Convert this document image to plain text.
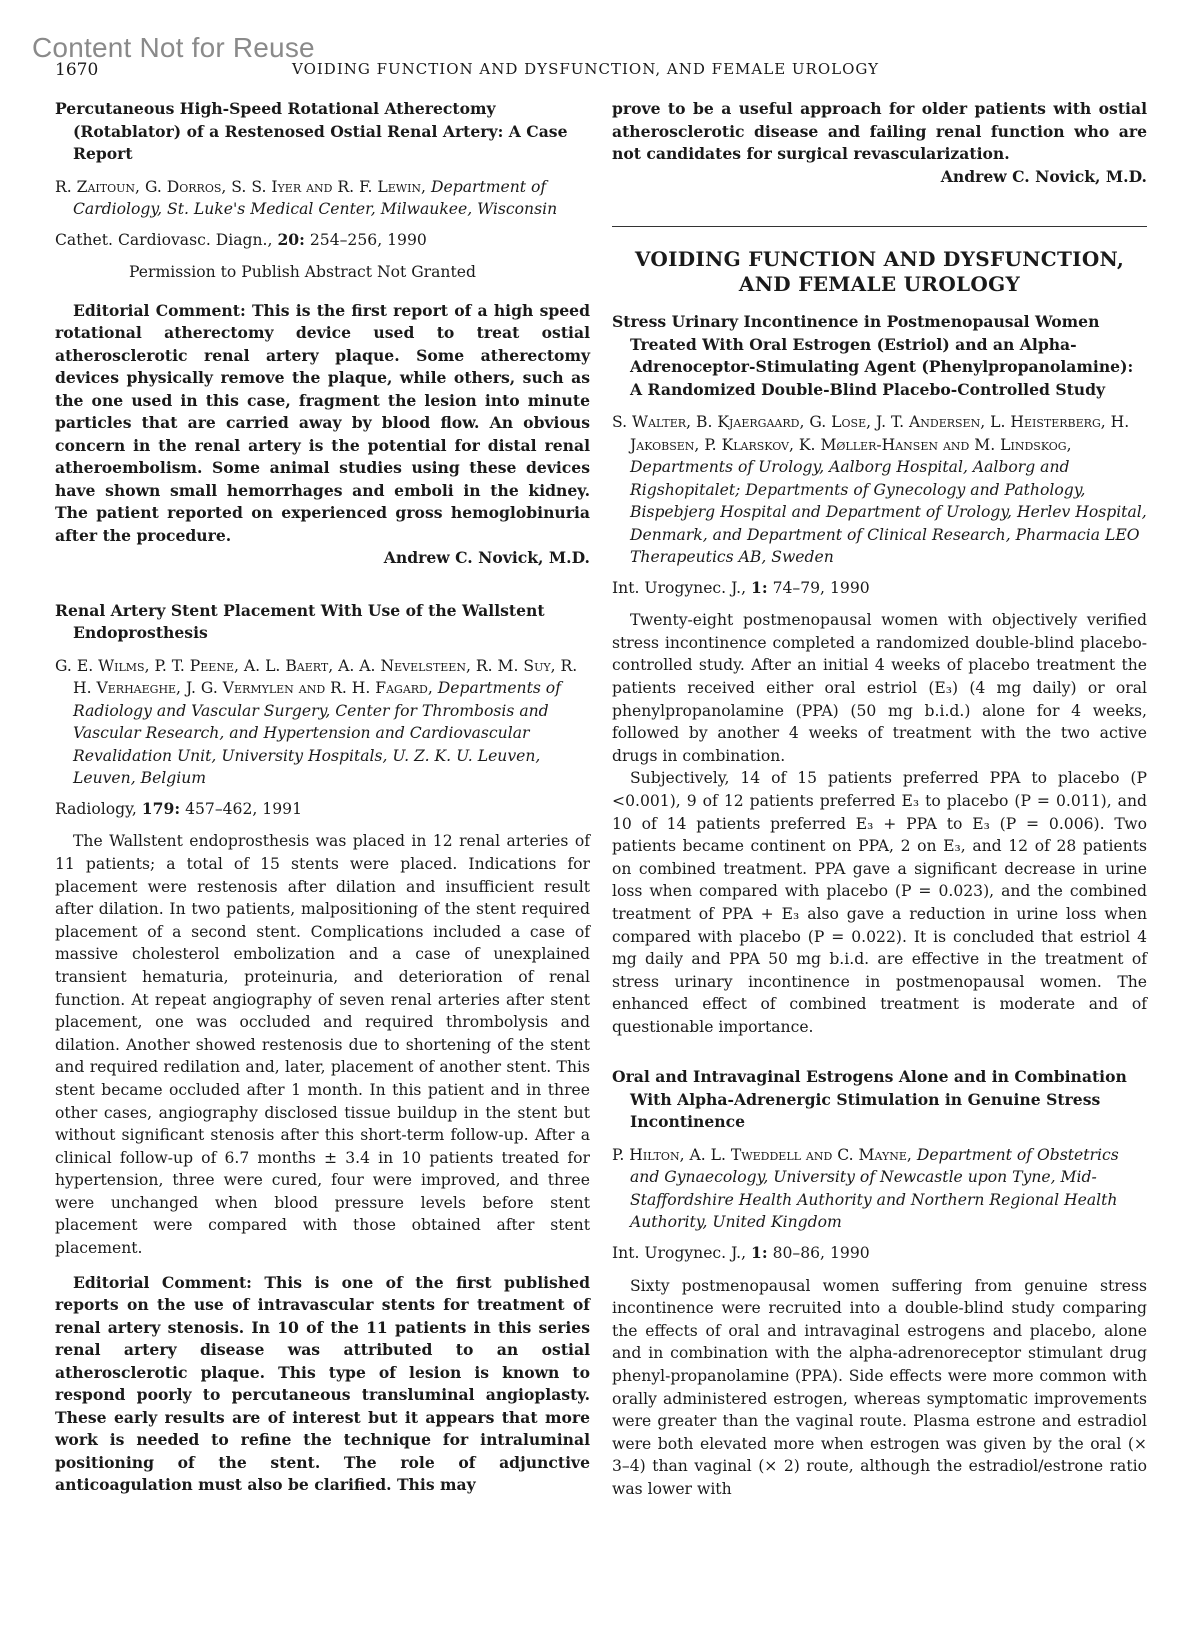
Content Not for Reuse
1670	VOIDING FUNCTION AND DYSFUNCTION, AND FEMALE UROLOGY

Percutaneous High-Speed Rotational Atherectomy (Rotablator) of a Restenosed Ostial Renal Artery: A Case Report

R. Zaitoun, G. Dorros, S. S. Iyer and R. F. Lewin, Department of Cardiology, St. Luke's Medical Center, Milwaukee, Wisconsin

Cathet. Cardiovasc. Diagn., 20: 254–256, 1990

Permission to Publish Abstract Not Granted

Editorial Comment: This is the first report of a high speed rotational atherectomy device used to treat ostial atherosclerotic renal artery plaque. Some atherectomy devices physically remove the plaque, while others, such as the one used in this case, fragment the lesion into minute particles that are carried away by blood flow. An obvious concern in the renal artery is the potential for distal renal atheroembolism. Some animal studies using these devices have shown small hemorrhages and emboli in the kidney. The patient reported on experienced gross hemoglobinuria after the procedure.

Andrew C. Novick, M.D.

Renal Artery Stent Placement With Use of the Wallstent Endoprosthesis

G. E. Wilms, P. T. Peene, A. L. Baert, A. A. Nevelsteen, R. M. Suy, R. H. Verhaeghe, J. G. Vermylen and R. H. Fagard, Departments of Radiology and Vascular Surgery, Center for Thrombosis and Vascular Research, and Hypertension and Cardiovascular Revalidation Unit, University Hospitals, U. Z. K. U. Leuven, Leuven, Belgium

Radiology, 179: 457–462, 1991

The Wallstent endoprosthesis was placed in 12 renal arteries of 11 patients; a total of 15 stents were placed. Indications for placement were restenosis after dilation and insufficient result after dilation. In two patients, malpositioning of the stent required placement of a second stent. Complications included a case of massive cholesterol embolization and a case of unexplained transient hematuria, proteinuria, and deterioration of renal function. At repeat angiography of seven renal arteries after stent placement, one was occluded and required thrombolysis and dilation. Another showed restenosis due to shortening of the stent and required redilation and, later, placement of another stent. This stent became occluded after 1 month. In this patient and in three other cases, angiography disclosed tissue buildup in the stent but without significant stenosis after this short-term follow-up. After a clinical follow-up of 6.7 months ± 3.4 in 10 patients treated for hypertension, three were cured, four were improved, and three were unchanged when blood pressure levels before stent placement were compared with those obtained after stent placement.

Editorial Comment: This is one of the first published reports on the use of intravascular stents for treatment of renal artery stenosis. In 10 of the 11 patients in this series renal artery disease was attributed to an ostial atherosclerotic plaque. This type of lesion is known to respond poorly to percutaneous transluminal angioplasty. These early results are of interest but it appears that more work is needed to refine the technique for intraluminal positioning of the stent. The role of adjunctive anticoagulation must also be clarified. This may

prove to be a useful approach for older patients with ostial atherosclerotic disease and failing renal function who are not candidates for surgical revascularization.

Andrew C. Novick, M.D.

VOIDING FUNCTION AND DYSFUNCTION, AND FEMALE UROLOGY

Stress Urinary Incontinence in Postmenopausal Women Treated With Oral Estrogen (Estriol) and an Alpha-Adrenoceptor-Stimulating Agent (Phenylpropanolamine): A Randomized Double-Blind Placebo-Controlled Study

S. Walter, B. Kjaergaard, G. Lose, J. T. Andersen, L. Heisterberg, H. Jakobsen, P. Klarskov, K. Møller-Hansen and M. Lindskog, Departments of Urology, Aalborg Hospital, Aalborg and Rigshopitalet; Departments of Gynecology and Pathology, Bispebjerg Hospital and Department of Urology, Herlev Hospital, Denmark, and Department of Clinical Research, Pharmacia LEO Therapeutics AB, Sweden

Int. Urogynec. J., 1: 74–79, 1990

Twenty-eight postmenopausal women with objectively verified stress incontinence completed a randomized double-blind placebo-controlled study. After an initial 4 weeks of placebo treatment the patients received either oral estriol (E₃) (4 mg daily) or oral phenylpropanolamine (PPA) (50 mg b.i.d.) alone for 4 weeks, followed by another 4 weeks of treatment with the two active drugs in combination.

Subjectively, 14 of 15 patients preferred PPA to placebo (P <0.001), 9 of 12 patients preferred E₃ to placebo (P = 0.011), and 10 of 14 patients preferred E₃ + PPA to E₃ (P = 0.006). Two patients became continent on PPA, 2 on E₃, and 12 of 28 patients on combined treatment. PPA gave a significant decrease in urine loss when compared with placebo (P = 0.023), and the combined treatment of PPA + E₃ also gave a reduction in urine loss when compared with placebo (P = 0.022). It is concluded that estriol 4 mg daily and PPA 50 mg b.i.d. are effective in the treatment of stress urinary incontinence in postmenopausal women. The enhanced effect of combined treatment is moderate and of questionable importance.

Oral and Intravaginal Estrogens Alone and in Combination With Alpha-Adrenergic Stimulation in Genuine Stress Incontinence

P. Hilton, A. L. Tweddell and C. Mayne, Department of Obstetrics and Gynaecology, University of Newcastle upon Tyne, Mid-Staffordshire Health Authority and Northern Regional Health Authority, United Kingdom

Int. Urogynec. J., 1: 80–86, 1990

Sixty postmenopausal women suffering from genuine stress incontinence were recruited into a double-blind study comparing the effects of oral and intravaginal estrogens and placebo, alone and in combination with the alpha-adrenoreceptor stimulant drug phenyl-propanolamine (PPA). Side effects were more common with orally administered estrogen, whereas symptomatic improvements were greater than the vaginal route. Plasma estrone and estradiol were both elevated more when estrogen was given by the oral (× 3–4) than vaginal (× 2) route, although the estradiol/estrone ratio was lower with
